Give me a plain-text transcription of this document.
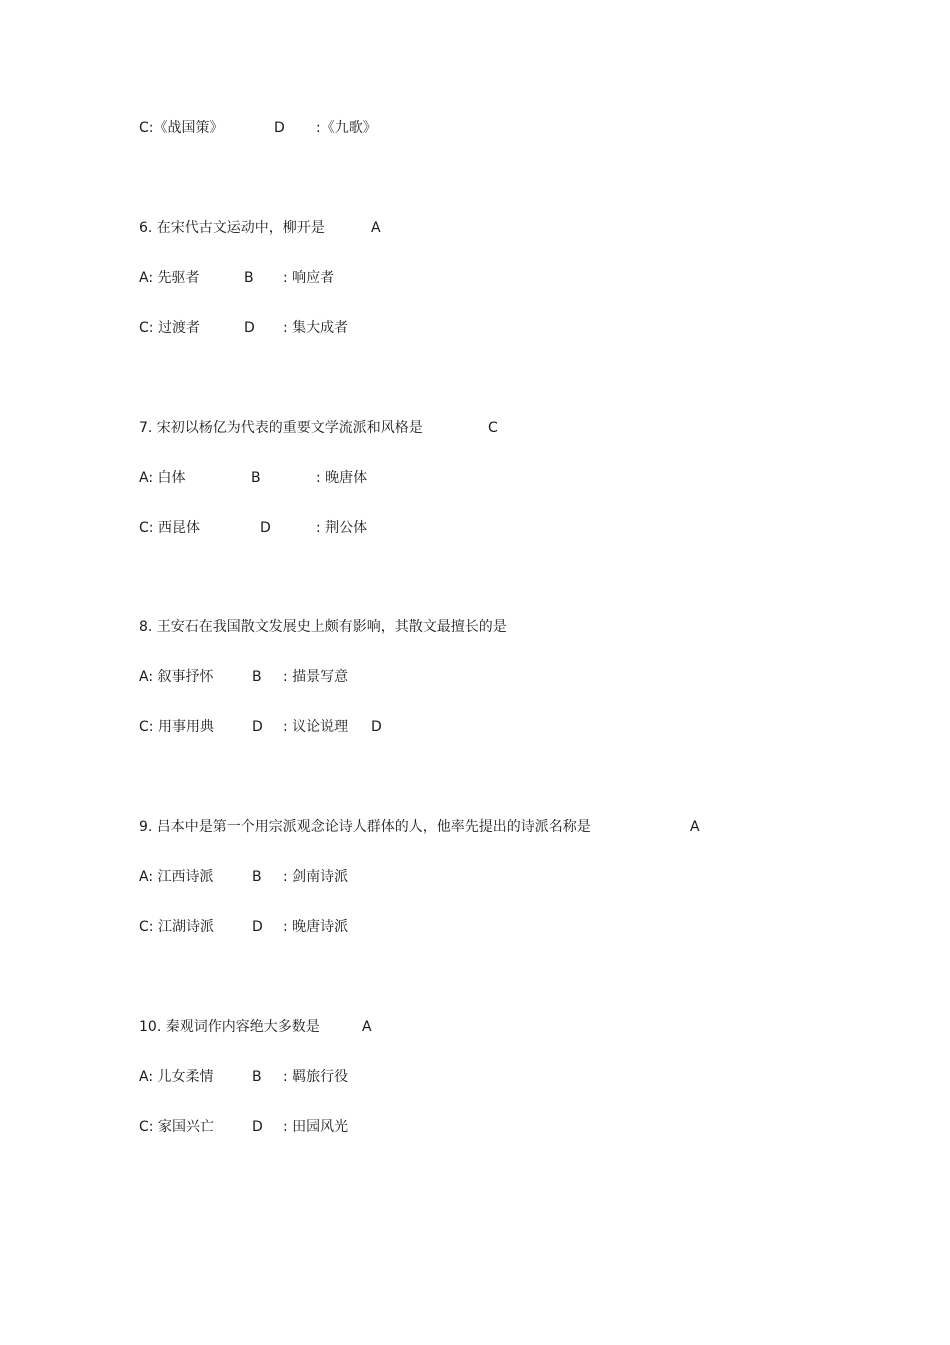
C:《战国策》	D :《九歌》
6. 在宋代古文运动中，柳开是	A
A: 先驱者	B : 响应者
C: 过渡者	D : 集大成者
7. 宋初以杨亿为代表的重要文学流派和风格是	C
A: 白体	B	: 晚唐体
C: 西昆体	D	: 荆公体
8. 王安石在我国散文发展史上颇有影响，其散文最擅长的是
A: 叙事抒怀	B : 描景写意
C: 用事用典	D : 议论说理 D
9. 吕本中是第一个用宗派观念论诗人群体的人，他率先提出的诗派名称是	A
A: 江西诗派	B : 剑南诗派
C: 江湖诗派	D : 晚唐诗派
10. 秦观词作内容绝大多数是	A
A: 儿女柔情	B : 羁旅行役
C: 家国兴亡	D : 田园风光
